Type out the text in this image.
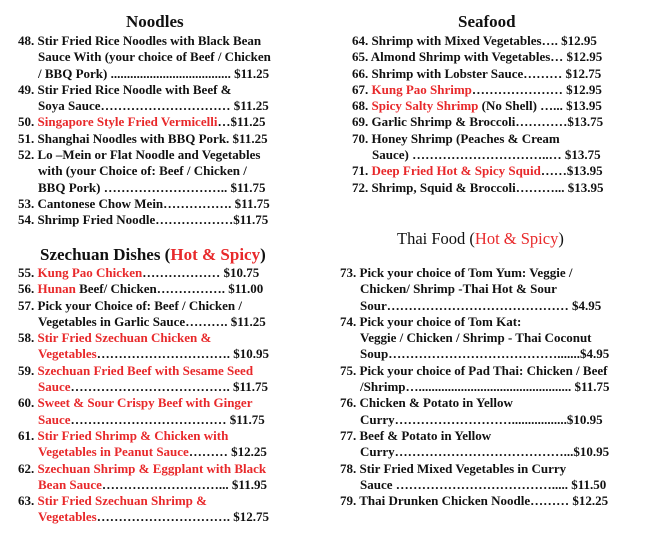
Noodles
48. Stir Fried Rice Noodles with Black Bean
Sauce With (your choice of Beef / Chicken
/ BBQ Pork) ..................................... $11.25
49. Stir Fried Rice Noodle with Beef &
Soya Sauce………………………… $11.25
50. Singapore Style Fried Vermicelli…$11.25
51. Shanghai Noodles with BBQ Pork. $11.25
52. Lo –Mein or Flat Noodle and Vegetables
with (your Choice of: Beef / Chicken /
BBQ Pork) ……………………….. $11.75
53. Cantonese Chow Mein……………. $11.75
54. Shrimp Fried Noodle………………$11.75
Szechuan Dishes (Hot & Spicy)
55. Kung Pao Chicken……………… $10.75
56. Hunan Beef/ Chicken……………. $11.00
57. Pick your Choice of: Beef / Chicken /
Vegetables in Garlic Sauce………. $11.25
58. Stir Fried Szechuan Chicken &
Vegetables…………………………. $10.95
59. Szechuan Fried Beef with Sesame Seed
Sauce………………………………. $11.75
60. Sweet & Sour Crispy Beef with Ginger
Sauce……………………………… $11.75
61. Stir Fried Shrimp & Chicken with
Vegetables in Peanut Sauce……… $12.25
62. Szechuan Shrimp & Eggplant with Black
Bean Sauce………………………... $11.95
63. Stir Fried Szechuan Shrimp &
Vegetables…………………………. $12.75
Seafood
64. Shrimp with Mixed Vegetables…. $12.95
65. Almond Shrimp with Vegetables… $12.95
66. Shrimp with Lobster Sauce……… $12.75
67. Kung Pao Shrimp………………… $12.95
68. Spicy Salty Shrimp (No Shell) …... $13.95
69. Garlic Shrimp & Broccoli…………$13.75
70. Honey Shrimp (Peaches & Cream
Sauce) …………………………..… $13.75
71. Deep Fried Hot & Spicy Squid……$13.95
72. Shrimp, Squid & Broccoli………... $13.95
Thai Food (Hot & Spicy)
73. Pick your choice of Tom Yum: Veggie /
Chicken/ Shrimp -Thai Hot & Sour
Sour…………………………………… $4.95
74. Pick your choice of Tom Kat:
Veggie / Chicken / Shrimp - Thai Coconut
Soup………………………………….......$4.95
75. Pick your choice of Pad Thai: Chicken / Beef
/Shrimp…............................................... $11.75
76. Chicken & Potato in Yellow
Curry……………………….................$10.95
77. Beef & Potato in Yellow
Curry…………………………………...$10.95
78. Stir Fried Mixed Vegetables in Curry
Sauce ………………………………..... $11.50
79. Thai Drunken Chicken Noodle……… $12.25
